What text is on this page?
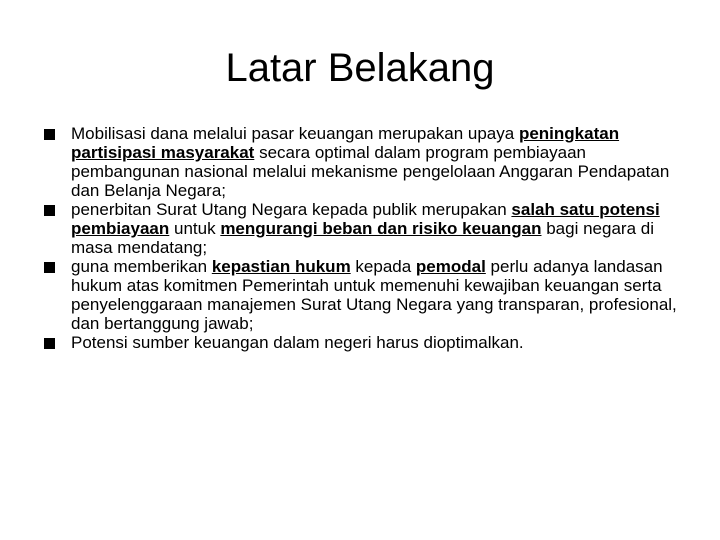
Latar Belakang
Mobilisasi dana melalui pasar keuangan merupakan upaya peningkatan partisipasi masyarakat secara optimal dalam program pembiayaan pembangunan nasional melalui mekanisme pengelolaan Anggaran Pendapatan dan Belanja Negara;
penerbitan Surat Utang Negara kepada publik merupakan salah satu potensi pembiayaan untuk mengurangi beban dan risiko keuangan bagi negara di masa mendatang;
guna memberikan kepastian hukum kepada pemodal perlu adanya landasan hukum atas komitmen Pemerintah untuk memenuhi kewajiban keuangan serta penyelenggaraan manajemen Surat Utang Negara yang transparan, profesional, dan bertanggung jawab;
Potensi sumber keuangan dalam negeri harus dioptimalkan.
